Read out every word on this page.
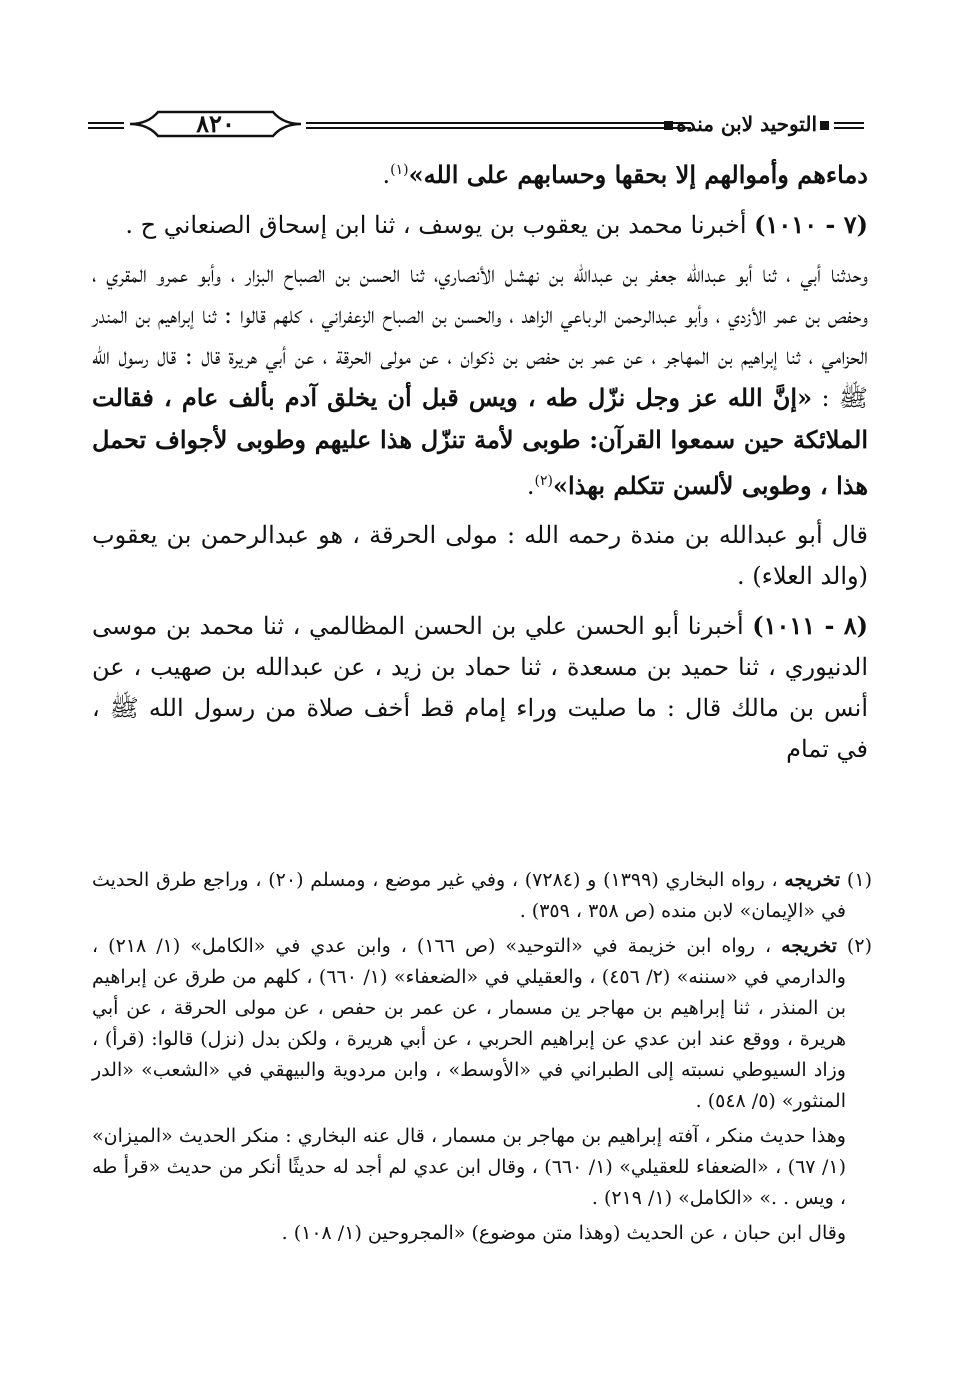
٨٢٠	التوحيد لابن منده

دماءهم وأموالهم إلا بحقها وحسابهم على الله»$^{(١)}$.

(٧ - ١٠١٠) أخبرنا محمد بن يعقوب بن يوسف ، ثنا ابن إسحاق الصنعاني ح .

وحدثنا أبي ، ثنا أبو عبدالله جعفر بن عبدالله بن نهشل الأنصاري، ثنا الحسن بن الصباح البزار ، وأبو عمرو المقري ، وحفص بن عمر الأزدي ، وأبو عبدالرحمن الرباعي الزاهد ، والحسن بن الصباح الزعفراني ، كلهم قالوا : ثنا إبراهيم بن المندر الحزامي ، ثنا إبراهيم بن المهاجر ، عن عمر بن حفص بن ذكوان ، عن مولى الحرقة ، عن أبي هريرة قال : قال رسول الله ﷺ : «إنَّ الله عز وجل نزّل طه ، ويس قبل أن يخلق آدم بألف عام ، فقالت الملائكة حين سمعوا القرآن: طوبى لأمة تنزّل هذا عليهم وطوبى لأجواف تحمل هذا ، وطوبى لألسن تتكلم بهذا»$^{(٢)}$.

قال أبو عبدالله بن مندة رحمه الله : مولى الحرقة ، هو عبدالرحمن بن يعقوب (والد العلاء) .

(٨ - ١٠١١) أخبرنا أبو الحسن علي بن الحسن المظالمي ، ثنا محمد بن موسى الدنيوري ، ثنا حميد بن مسعدة ، ثنا حماد بن زيد ، عن عبدالله بن صهيب ، عن أنس بن مالك قال : ما صليت وراء إمام قط أخف صلاة من رسول الله ﷺ ، في تمام

(١) تخريجه ، رواه البخاري (١٣٩٩) و (٧٢٨٤) ، وفي غير موضع ، ومسلم (٢٠) ، وراجع طرق الحديث في «الإيمان» لابن منده (ص ٣٥٨ ، ٣٥٩) .

(٢) تخريجه ، رواه ابن خزيمة في «التوحيد» (ص ١٦٦) ، وابن عدي في «الكامل» (١/ ٢١٨) ، والدارمي في «سننه» (٢/ ٤٥٦) ، والعقيلي في «الضعفاء» (١/ ٦٦٠) ، كلهم من طرق عن إبراهيم بن المنذر ، ثنا إبراهيم بن مهاجر ين مسمار ، عن عمر بن حفص ، عن مولى الحرقة ، عن أبي هريرة ، ووقع عند ابن عدي عن إبراهيم الحربي ، عن أبي هريرة ، ولكن بدل (نزل) قالوا: (قرأ) ، وزاد السيوطي نسبته إلى الطبراني في «الأوسط» ، وابن مردوية والبيهقي في «الشعب» «الدر المنثور» (٥/ ٥٤٨) .

وهذا حديث منكر ، آفته إبراهيم بن مهاجر بن مسمار ، قال عنه البخاري : منكر الحديث «الميزان» (١/ ٦٧) ، «الضعفاء للعقيلي» (١/ ٦٦٠) ، وقال ابن عدي لم أجد له حديثًا أنكر من حديث «قرأ طه ، ويس . .» «الكامل» (١/ ٢١٩) .

وقال ابن حبان ، عن الحديث (وهذا متن موضوع) «المجروحين (١/ ١٠٨) .
